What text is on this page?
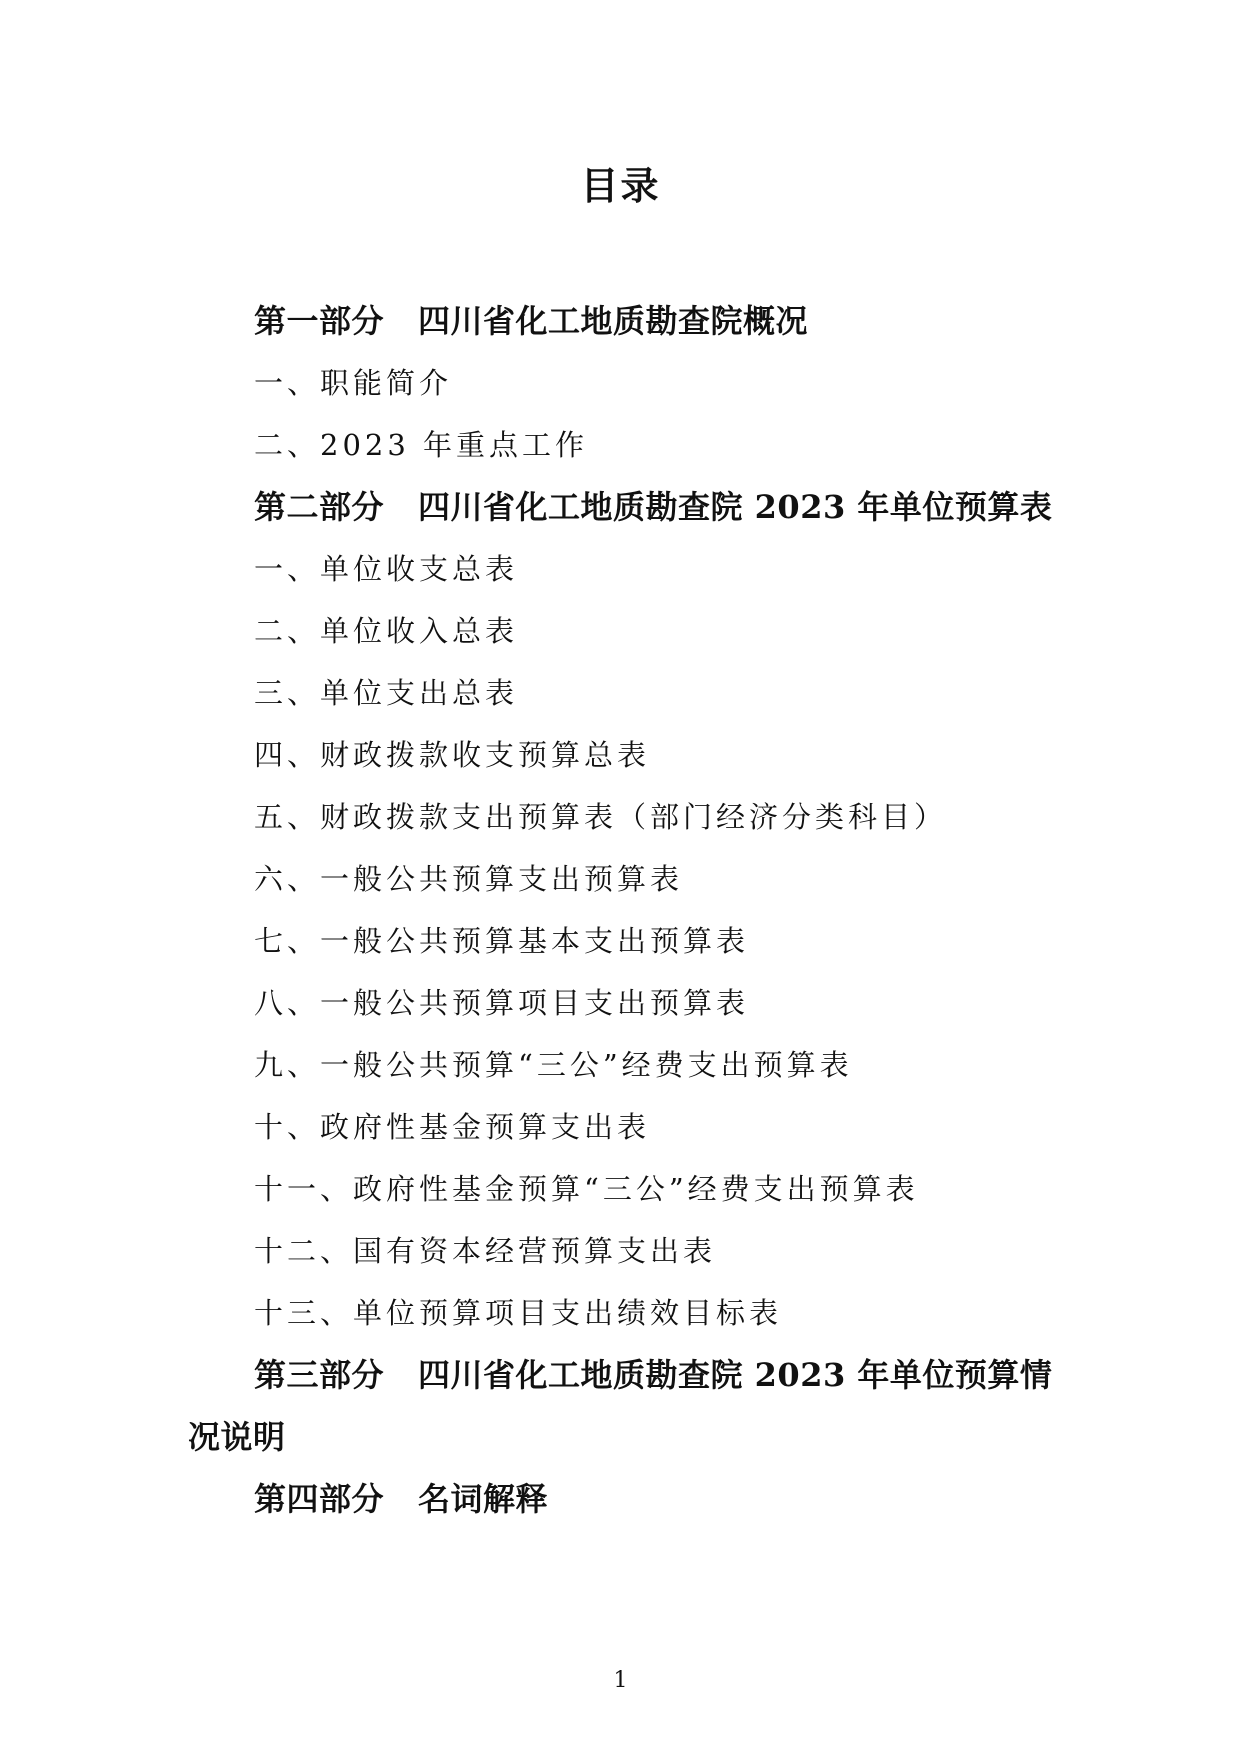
目录
第一部分 四川省化工地质勘查院概况
一、职能简介
二、2023 年重点工作
第二部分 四川省化工地质勘查院 2023 年单位预算表
一、单位收支总表
二、单位收入总表
三、单位支出总表
四、财政拨款收支预算总表
五、财政拨款支出预算表（部门经济分类科目）
六、一般公共预算支出预算表
七、一般公共预算基本支出预算表
八、一般公共预算项目支出预算表
九、一般公共预算“三公”经费支出预算表
十、政府性基金预算支出表
十一、政府性基金预算“三公”经费支出预算表
十二、国有资本经营预算支出表
十三、单位预算项目支出绩效目标表
第三部分 四川省化工地质勘查院 2023 年单位预算情况说明
第四部分 名词解释
1
